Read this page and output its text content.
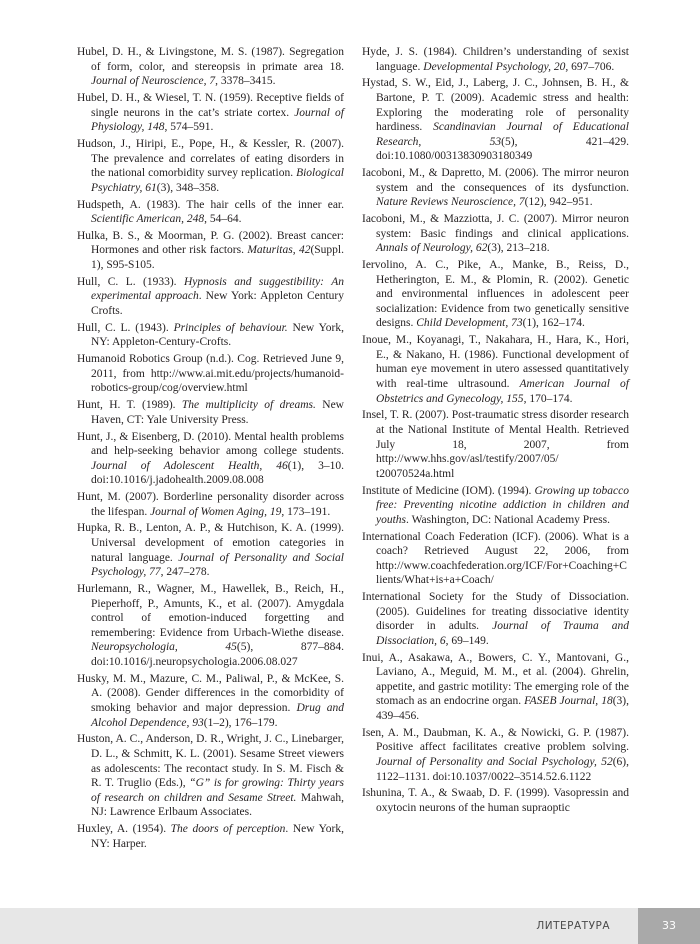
Hubel, D. H., & Livingstone, M. S. (1987). Segregation of form, color, and stereopsis in primate area 18. Journal of Neuroscience, 7, 3378–3415.

Hubel, D. H., & Wiesel, T. N. (1959). Receptive fields of single neurons in the cat’s striate cortex. Journal of Physiology, 148, 574–591.

Hudson, J., Hiripi, E., Pope, H., & Kessler, R. (2007). The prevalence and correlates of eating disorders in the national comorbidity survey replication. Biological Psychiatry, 61(3), 348–358.

Hudspeth, A. (1983). The hair cells of the inner ear. Scientific American, 248, 54–64.

Hulka, B. S., & Moorman, P. G. (2002). Breast cancer: Hormones and other risk factors. Maturitas, 42(Suppl. 1), S95-S105.

Hull, C. L. (1933). Hypnosis and suggestibility: An experimental approach. New York: Appleton Century Crofts.

Hull, C. L. (1943). Principles of behaviour. New York, NY: Appleton-Century-Crofts.

Humanoid Robotics Group (n.d.). Cog. Retrieved June 9, 2011, from http://www.ai.mit.edu/projects/humanoid-robotics-group/cog/overview.html

Hunt, H. T. (1989). The multiplicity of dreams. New Haven, CT: Yale University Press.

Hunt, J., & Eisenberg, D. (2010). Mental health problems and help-seeking behavior among college students. Journal of Adolescent Health, 46(1), 3–10. doi:10.1016/j.jadohealth.2009.08.008

Hunt, M. (2007). Borderline personality disorder across the lifespan. Journal of Women Aging, 19, 173–191.

Hupka, R. B., Lenton, A. P., & Hutchison, K. A. (1999). Universal development of emotion categories in natural language. Journal of Personality and Social Psychology, 77, 247–278.

Hurlemann, R., Wagner, M., Hawellek, B., Reich, H., Pieperhoff, P., Amunts, K., et al. (2007). Amygdala control of emotion-induced forgetting and remembering: Evidence from Urbach-Wiethe disease. Neuropsychologia, 45(5), 877–884. doi:10.1016/j.neuropsychologia.2006.08.027

Husky, M. M., Mazure, C. M., Paliwal, P., & McKee, S. A. (2008). Gender differences in the comorbidity of smoking behavior and major depression. Drug and Alcohol Dependence, 93(1–2), 176–179.

Huston, A. C., Anderson, D. R., Wright, J. C., Linebarger, D. L., & Schmitt, K. L. (2001). Sesame Street viewers as adolescents: The recontact study. In S. M. Fisch & R. T. Truglio (Eds.), “G” is for growing: Thirty years of research on children and Sesame Street. Mahwah, NJ: Lawrence Erlbaum Associates.

Huxley, A. (1954). The doors of perception. New York, NY: Harper.

Hyde, J. S. (1984). Children’s understanding of sexist language. Developmental Psychology, 20, 697–706.

Hystad, S. W., Eid, J., Laberg, J. C., Johnsen, B. H., & Bartone, P. T. (2009). Academic stress and health: Exploring the moderating role of personality hardiness. Scandinavian Journal of Educational Research, 53(5), 421–429. doi:10.1080/00313830903180349

Iacoboni, M., & Dapretto, M. (2006). The mirror neuron system and the consequences of its dysfunction. Nature Reviews Neuroscience, 7(12), 942–951.

Iacoboni, M., & Mazziotta, J. C. (2007). Mirror neuron system: Basic findings and clinical applications. Annals of Neurology, 62(3), 213–218.

Iervolino, A. C., Pike, A., Manke, B., Reiss, D., Hetherington, E. M., & Plomin, R. (2002). Genetic and environmental influences in adolescent peer socialization: Evidence from two genetically sensitive designs. Child Development, 73(1), 162–174.

Inoue, M., Koyanagi, T., Nakahara, H., Hara, K., Hori, E., & Nakano, H. (1986). Functional development of human eye movement in utero assessed quantitatively with real-time ultrasound. American Journal of Obstetrics and Gynecology, 155, 170–174.

Insel, T. R. (2007). Post-traumatic stress disorder research at the National Institute of Mental Health. Retrieved July 18, 2007, from http://www.hhs.gov/asl/testify/2007/05/ t20070524a.html

Institute of Medicine (IOM). (1994). Growing up tobacco free: Preventing nicotine addiction in children and youths. Washington, DC: National Academy Press.

International Coach Federation (ICF). (2006). What is a coach? Retrieved August 22, 2006, from http://www.coachfederation.org/ICF/For+Coaching+Clients/What+is+a+Coach/

International Society for the Study of Dissociation. (2005). Guidelines for treating dissociative identity disorder in adults. Journal of Trauma and Dissociation, 6, 69–149.

Inui, A., Asakawa, A., Bowers, C. Y., Mantovani, G., Laviano, A., Meguid, M. M., et al. (2004). Ghrelin, appetite, and gastric motility: The emerging role of the stomach as an endocrine organ. FASEB Journal, 18(3), 439–456.

Isen, A. M., Daubman, K. A., & Nowicki, G. P. (1987). Positive affect facilitates creative problem solving. Journal of Personality and Social Psychology, 52(6), 1122–1131. doi:10.1037/0022–3514.52.6.1122

Ishunina, T. A., & Swaab, D. F. (1999). Vasopressin and oxytocin neurons of the human supraoptic

ЛИТЕРАТУРА	33
